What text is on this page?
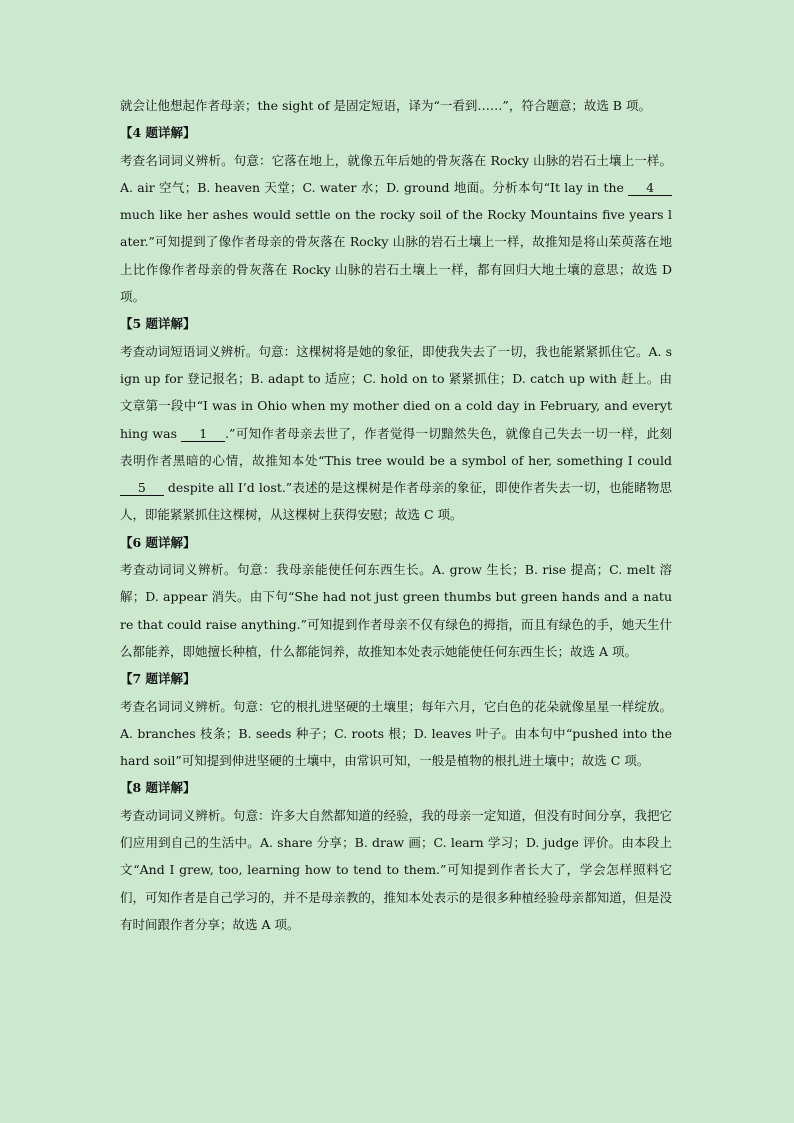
就会让他想起作者母亲；the sight of 是固定短语，译为“一看到……”，符合题意；故选 B 项。

【4 题详解】

考查名词词义辨析。句意：它落在地上，就像五年后她的骨灰落在 Rocky 山脉的岩石土壤上一样。A. air 空气；B. heaven 天堂；C. water 水；D. ground 地面。分析本句“It lay in the     4     much like her ashes would settle on the rocky soil of the Rocky Mountains five years later.”可知提到了像作者母亲的骨灰落在 Rocky 山脉的岩石土壤上一样，故推知是将山茱萸落在地上比作像作者母亲的骨灰落在 Rocky 山脉的岩石土壤上一样，都有回归大地土壤的意思；故选 D 项。

【5 题详解】

考查动词短语词义辨析。句意：这棵树将是她的象征，即使我失去了一切，我也能紧紧抓住它。A. sign up for 登记报名；B. adapt to 适应；C. hold on to 紧紧抓住；D. catch up with 赶上。由文章第一段中“I was in Ohio when my mother died on a cold day in February, and everything was     1    .”可知作者母亲去世了，作者觉得一切黯然失色，就像自己失去一切一样，此刻表明作者黑暗的心情，故推知本处“This tree would be a symbol of her, something I could     5     despite all I’d lost.”表述的是这棵树是作者母亲的象征，即使作者失去一切，也能睹物思人，即能紧紧抓住这棵树，从这棵树上获得安慰；故选 C 项。

【6 题详解】

考查动词词义辨析。句意：我母亲能使任何东西生长。A. grow 生长；B. rise 提高；C. melt 溶解；D. appear 消失。由下句“She had not just green thumbs but green hands and a nature that could raise anything.”可知提到作者母亲不仅有绿色的拇指，而且有绿色的手，她天生什么都能养，即她擅长种植，什么都能饲养，故推知本处表示她能使任何东西生长；故选 A 项。

【7 题详解】

考查名词词义辨析。句意：它的根扎进坚硬的土壤里；每年六月，它白色的花朵就像星星一样绽放。A. branches 枝条；B. seeds 种子；C. roots 根；D. leaves 叶子。由本句中“pushed into the hard soil”可知提到伸进坚硬的土壤中，由常识可知，一般是植物的根扎进土壤中；故选 C 项。

【8 题详解】

考查动词词义辨析。句意：许多大自然都知道的经验，我的母亲一定知道，但没有时间分享，我把它们应用到自己的生活中。A. share 分享；B. draw 画；C. learn 学习；D. judge 评价。由本段上文“And I grew, too, learning how to tend to them.”可知提到作者长大了，学会怎样照料它们，可知作者是自己学习的，并不是母亲教的，推知本处表示的是很多种植经验母亲都知道，但是没有时间跟作者分享；故选 A 项。
